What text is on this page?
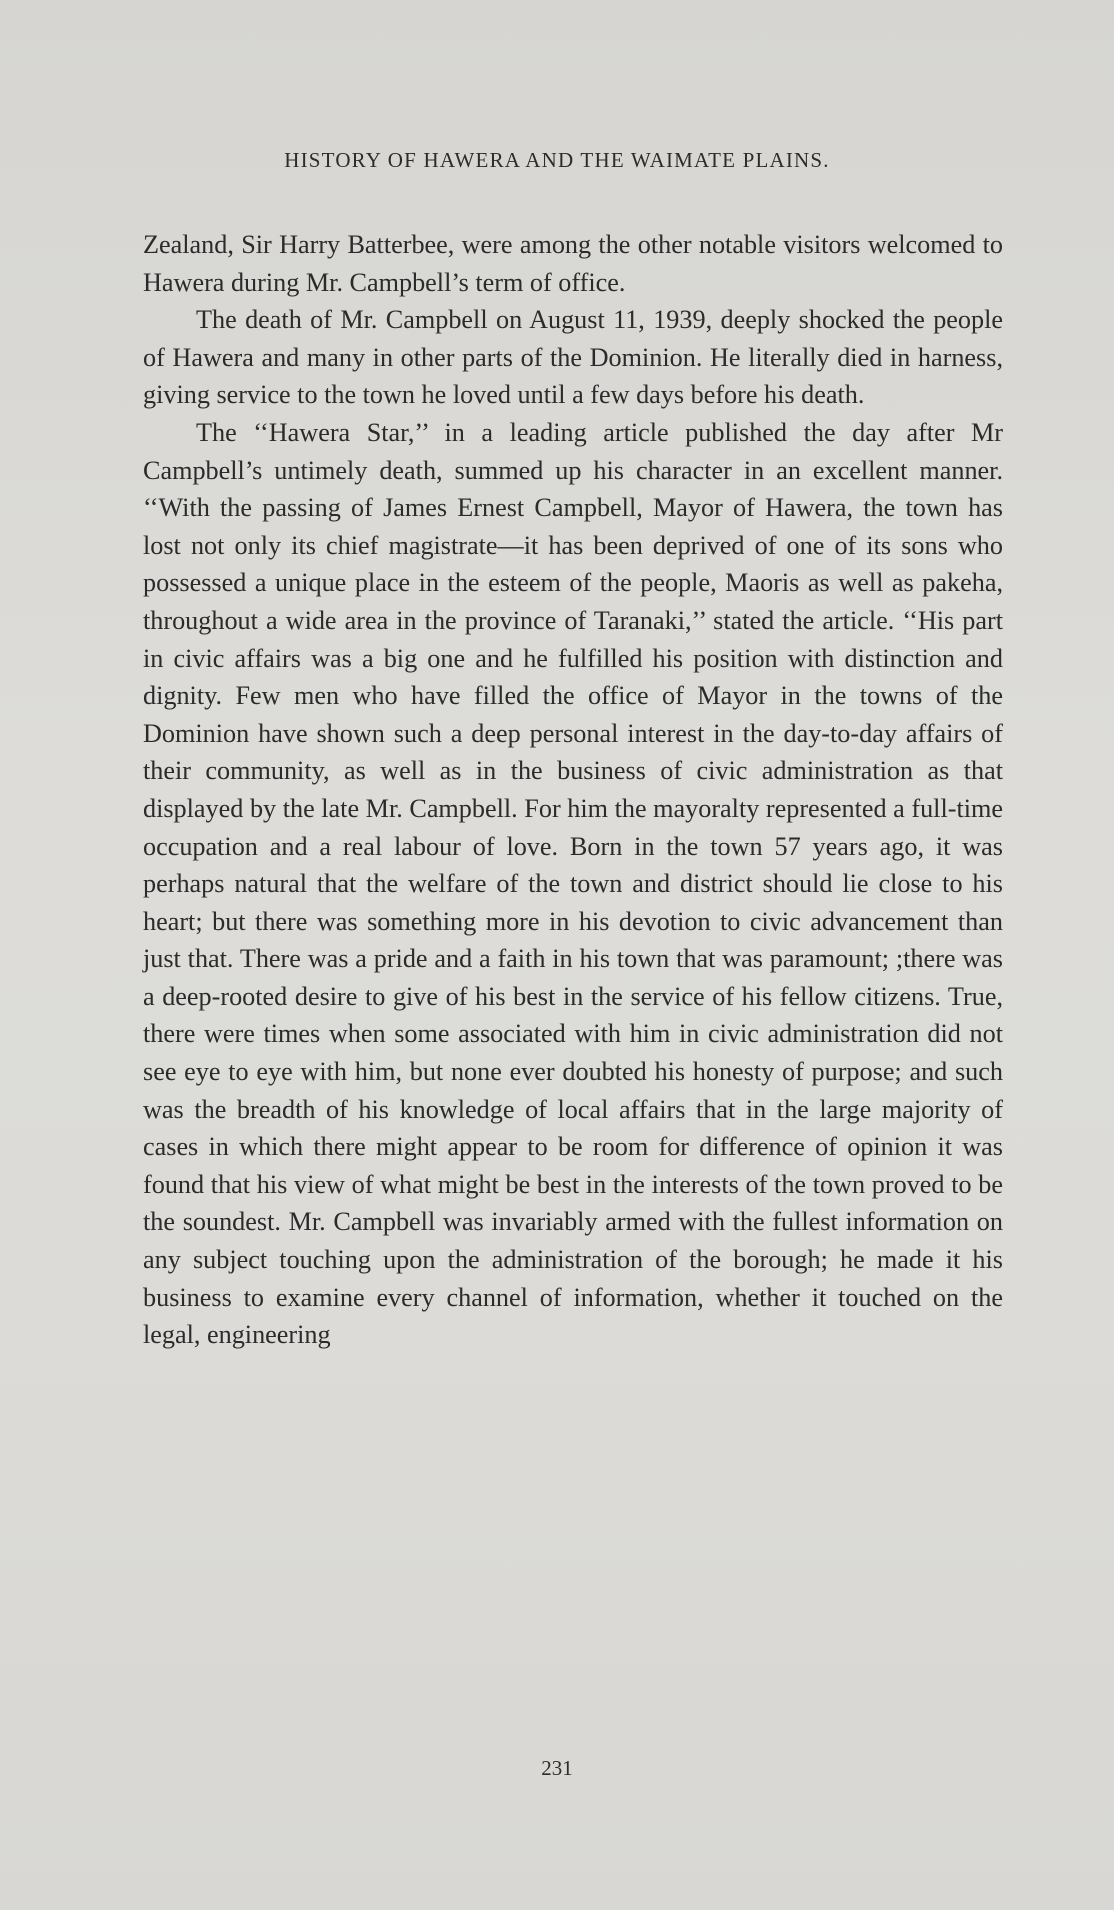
HISTORY OF HAWERA AND THE WAIMATE PLAINS.

Zealand, Sir Harry Batterbee, were among the other notable visitors welcomed to Hawera during Mr. Campbell’s term of office.

The death of Mr. Campbell on August 11, 1939, deeply shocked the people of Hawera and many in other parts of the Dominion. He literally died in harness, giving service to the town he loved until a few days before his death.

The ‘‘Hawera Star,’’ in a leading article published the day after Mr Campbell’s untimely death, summed up his character in an excellent manner. ‘‘With the passing of James Ernest Campbell, Mayor of Hawera, the town has lost not only its chief magistrate—it has been deprived of one of its sons who possessed a unique place in the esteem of the people, Maoris as well as pakeha, throughout a wide area in the province of Taranaki,’’ stated the article. ‘‘His part in civic affairs was a big one and he fulfilled his position with distinction and dignity. Few men who have filled the office of Mayor in the towns of the Dominion have shown such a deep personal interest in the day-to-day affairs of their community, as well as in the business of civic administration as that displayed by the late Mr. Campbell. For him the mayoralty represented a full-time occupation and a real labour of love. Born in the town 57 years ago, it was perhaps natural that the welfare of the town and district should lie close to his heart; but there was something more in his devotion to civic advancement than just that. There was a pride and a faith in his town that was paramount; ;there was a deep-rooted desire to give of his best in the service of his fellow citizens. True, there were times when some associated with him in civic administration did not see eye to eye with him, but none ever doubted his honesty of purpose; and such was the breadth of his knowledge of local affairs that in the large majority of cases in which there might appear to be room for difference of opinion it was found that his view of what might be best in the interests of the town proved to be the soundest. Mr. Campbell was invariably armed with the fullest information on any subject touching upon the administration of the borough; he made it his business to examine every channel of information, whether it touched on the legal, engineering

231
